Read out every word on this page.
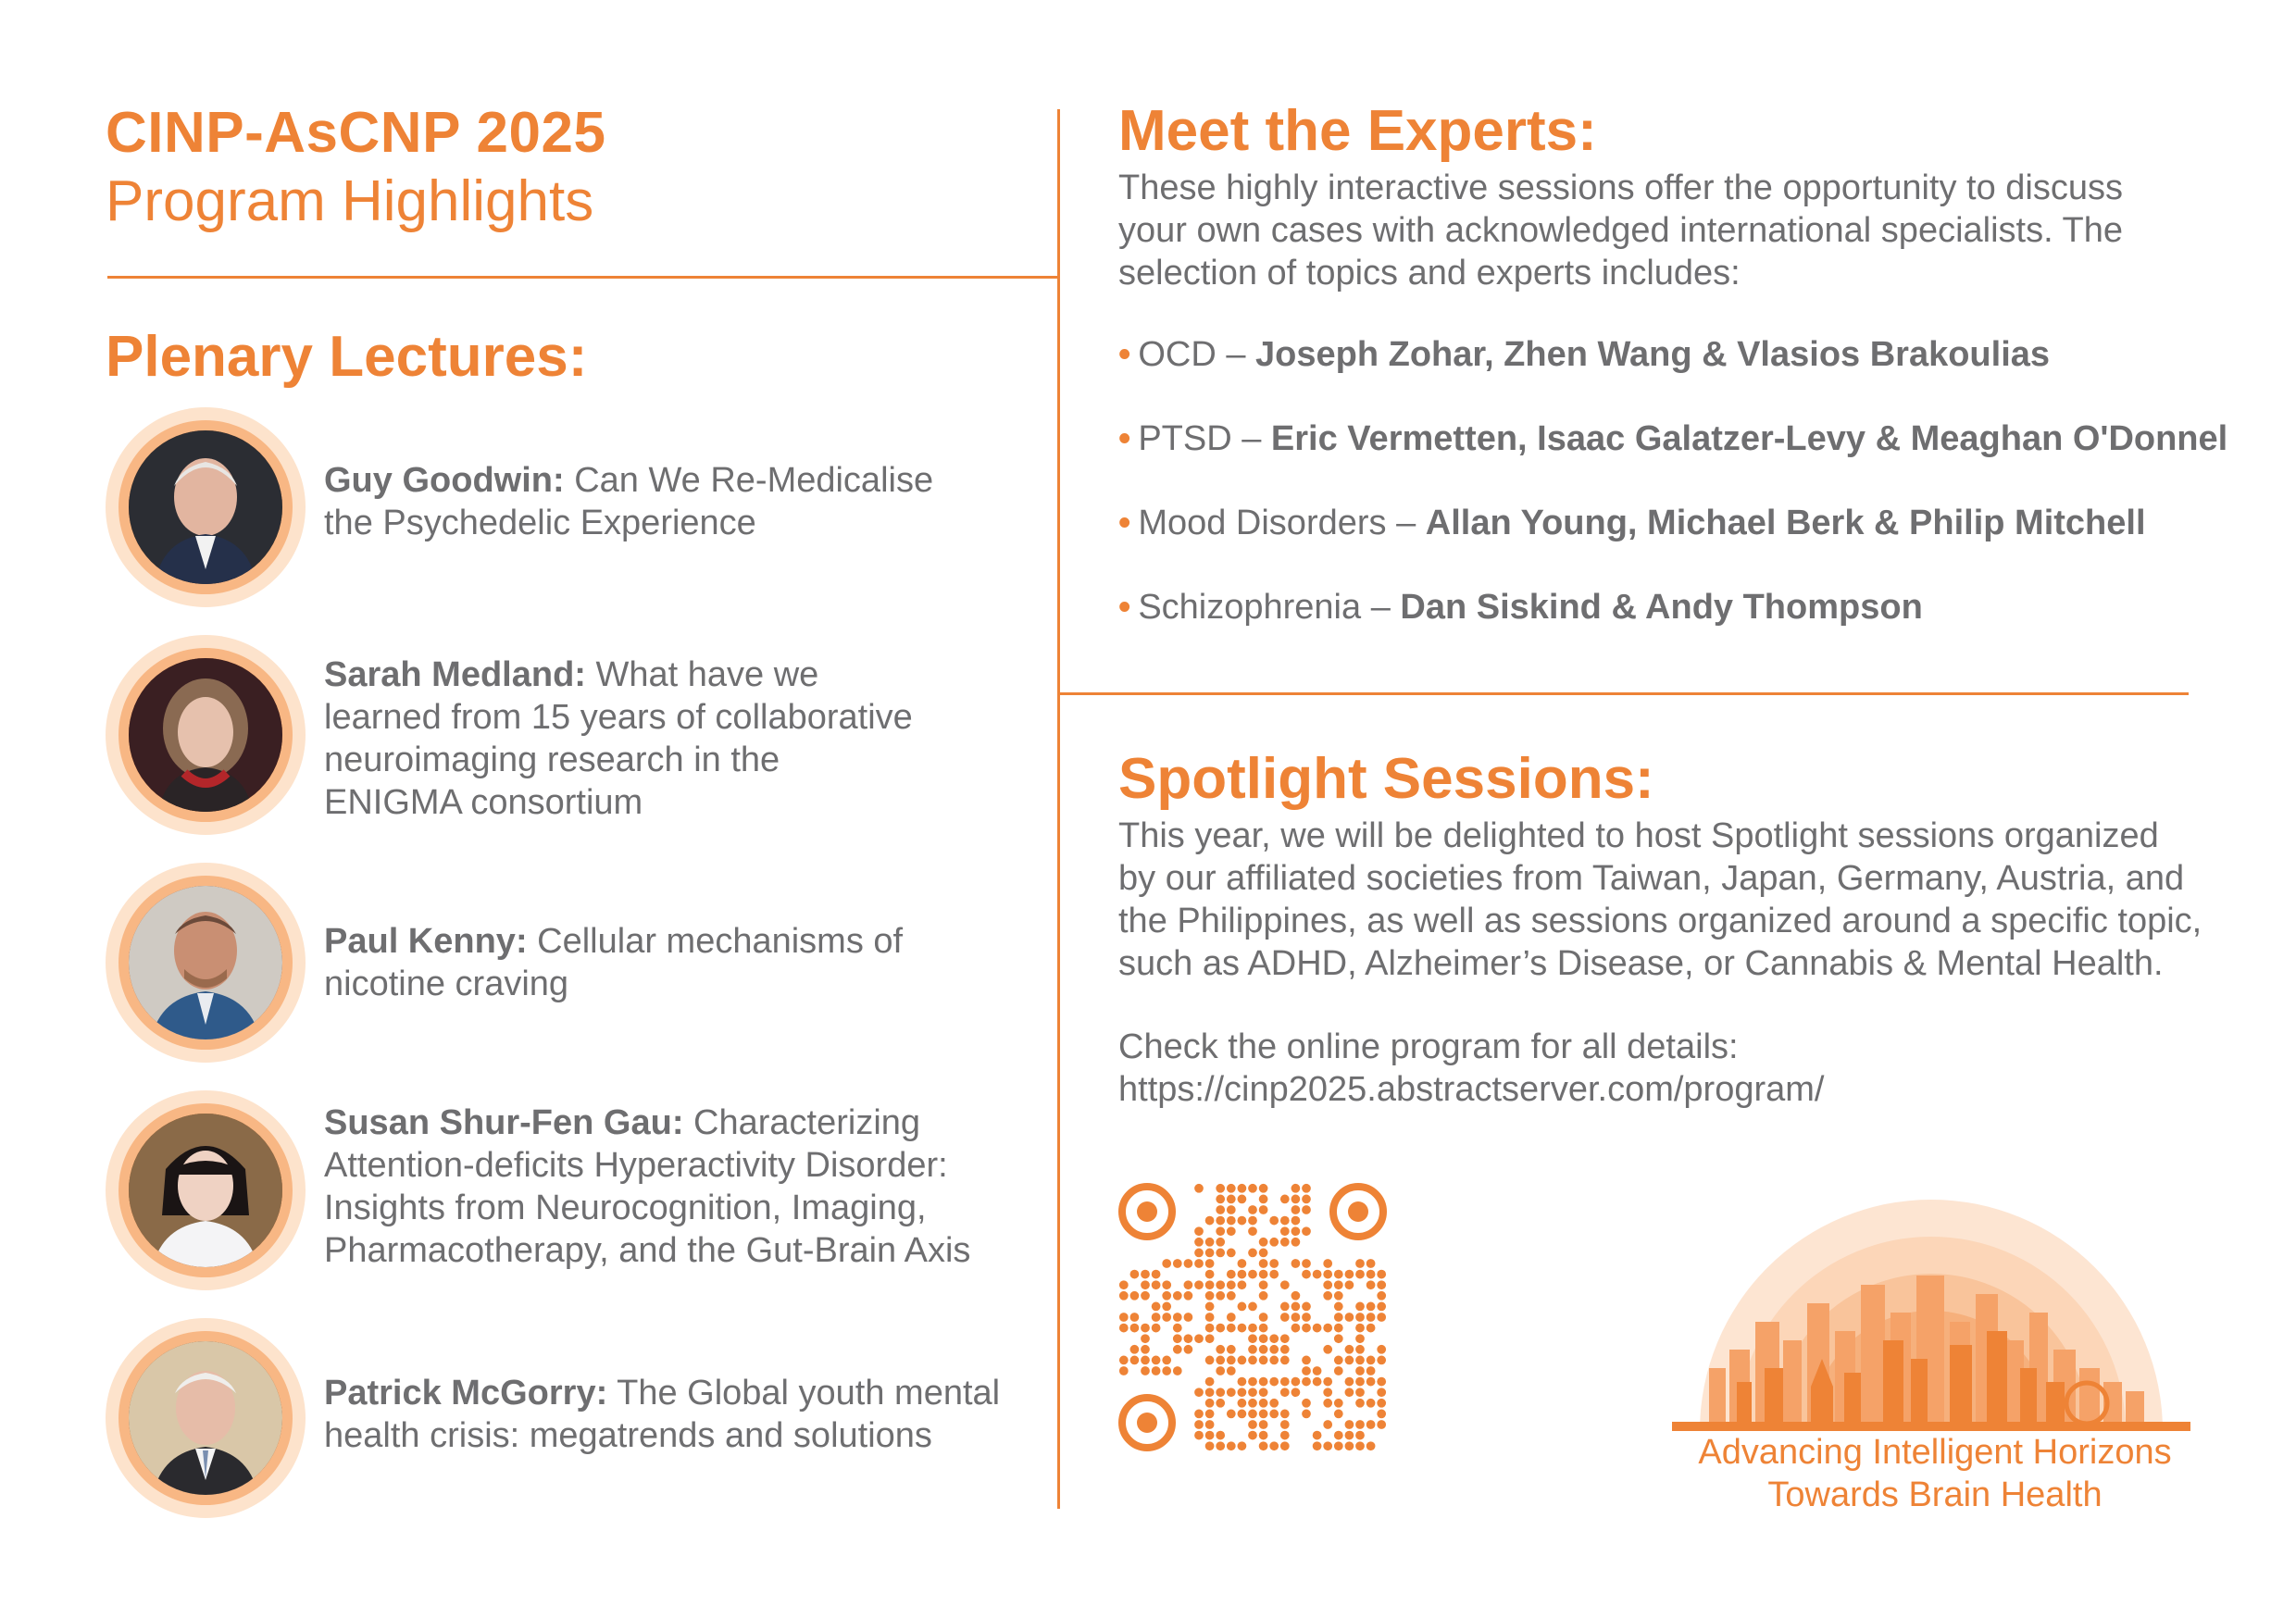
CINP-AsCNP 2025
Program Highlights
Plenary Lectures:
Guy Goodwin: Can We Re-Medicalise
the Psychedelic Experience
Sarah Medland: What have we
learned from 15 years of collaborative
neuroimaging research in the
ENIGMA consortium
Paul Kenny: Cellular mechanisms of
nicotine craving
Susan Shur-Fen Gau: Characterizing
Attention-deficits Hyperactivity Disorder:
Insights from Neurocognition, Imaging,
Pharmacotherapy, and the Gut-Brain Axis
Patrick McGorry: The Global youth mental
health crisis: megatrends and solutions
Meet the Experts:
These highly interactive sessions offer the opportunity to discuss
your own cases with acknowledged international specialists. The
selection of topics and experts includes:
• OCD – Joseph Zohar, Zhen Wang & Vlasios Brakoulias
• PTSD – Eric Vermetten, Isaac Galatzer-Levy & Meaghan O'Donnel
• Mood Disorders – Allan Young, Michael Berk & Philip Mitchell
• Schizophrenia – Dan Siskind & Andy Thompson
Spotlight Sessions:
This year, we will be delighted to host Spotlight sessions organized
by our affiliated societies from Taiwan, Japan, Germany, Austria, and
the Philippines, as well as sessions organized around a specific topic,
such as ADHD, Alzheimer’s Disease, or Cannabis & Mental Health.
Check the online program for all details:
https://cinp2025.abstractserver.com/program/
Advancing Intelligent Horizons
Towards Brain Health
